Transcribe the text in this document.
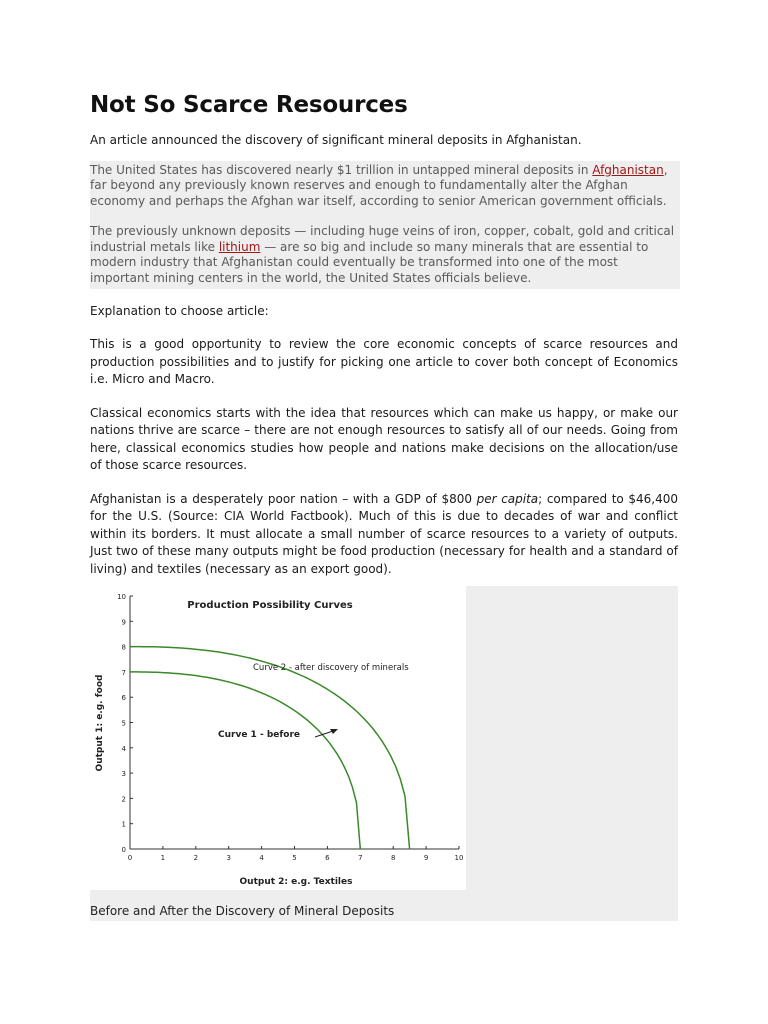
Not So Scarce Resources

An article announced the discovery of significant mineral deposits in Afghanistan.

The United States has discovered nearly $1 trillion in untapped mineral deposits in Afghanistan, far beyond any previously known reserves and enough to fundamentally alter the Afghan economy and perhaps the Afghan war itself, according to senior American government officials.

The previously unknown deposits — including huge veins of iron, copper, cobalt, gold and critical industrial metals like lithium — are so big and include so many minerals that are essential to modern industry that Afghanistan could eventually be transformed into one of the most important mining centers in the world, the United States officials believe.

Explanation to choose article:

This is a good opportunity to review the core economic concepts of scarce resources and production possibilities and to justify for picking one article to cover both concept of Economics i.e. Micro and Macro.

Classical economics starts with the idea that resources which can make us happy, or make our nations thrive are scarce – there are not enough resources to satisfy all of our needs. Going from here, classical economics studies how people and nations make decisions on the allocation/use of those scarce resources.

Afghanistan is a desperately poor nation – with a GDP of $800 per capita; compared to $46,400 for the U.S. (Source: CIA World Factbook). Much of this is due to decades of war and conflict within its borders. It must allocate a small number of scarce resources to a variety of outputs. Just two of these many outputs might be food production (necessary for health and a standard of living) and textiles (necessary as an export good).

Production Possibility Curves
0	1	2	3	4	5	6	7	8	9	10
0
1
2
3
4
5
6
7
8
9
10
Curve 2 - after discovery of minerals
Curve 1 - before
Output 2: e.g. Textiles
Output 1: e.g. food
Before and After the Discovery of Mineral Deposits
